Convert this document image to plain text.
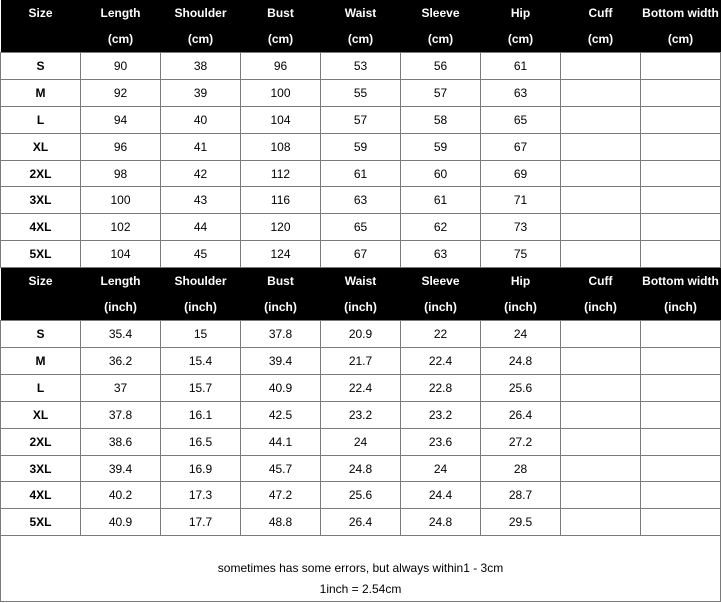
Size	Length	Shoulder	Bust	Waist	Sleeve	Hip	Cuff	Bottom width
	(cm)	(cm)	(cm)	(cm)	(cm)	(cm)	(cm)	(cm)
S	90	38	96	53	56	61		
M	92	39	100	55	57	63		
L	94	40	104	57	58	65		
XL	96	41	108	59	59	67		
2XL	98	42	112	61	60	69		
3XL	100	43	116	63	61	71		
4XL	102	44	120	65	62	73		
5XL	104	45	124	67	63	75		
Size	Length	Shoulder	Bust	Waist	Sleeve	Hip	Cuff	Bottom width
	(inch)	(inch)	(inch)	(inch)	(inch)	(inch)	(inch)	(inch)
S	35.4	15	37.8	20.9	22	24		
M	36.2	15.4	39.4	21.7	22.4	24.8		
L	37	15.7	40.9	22.4	22.8	25.6		
XL	37.8	16.1	42.5	23.2	23.2	26.4		
2XL	38.6	16.5	44.1	24	23.6	27.2		
3XL	39.4	16.9	45.7	24.8	24	28		
4XL	40.2	17.3	47.2	25.6	24.4	28.7		
5XL	40.9	17.7	48.8	26.4	24.8	29.5		
sometimes has some errors, but always within1 - 3cm
1inch = 2.54cm
